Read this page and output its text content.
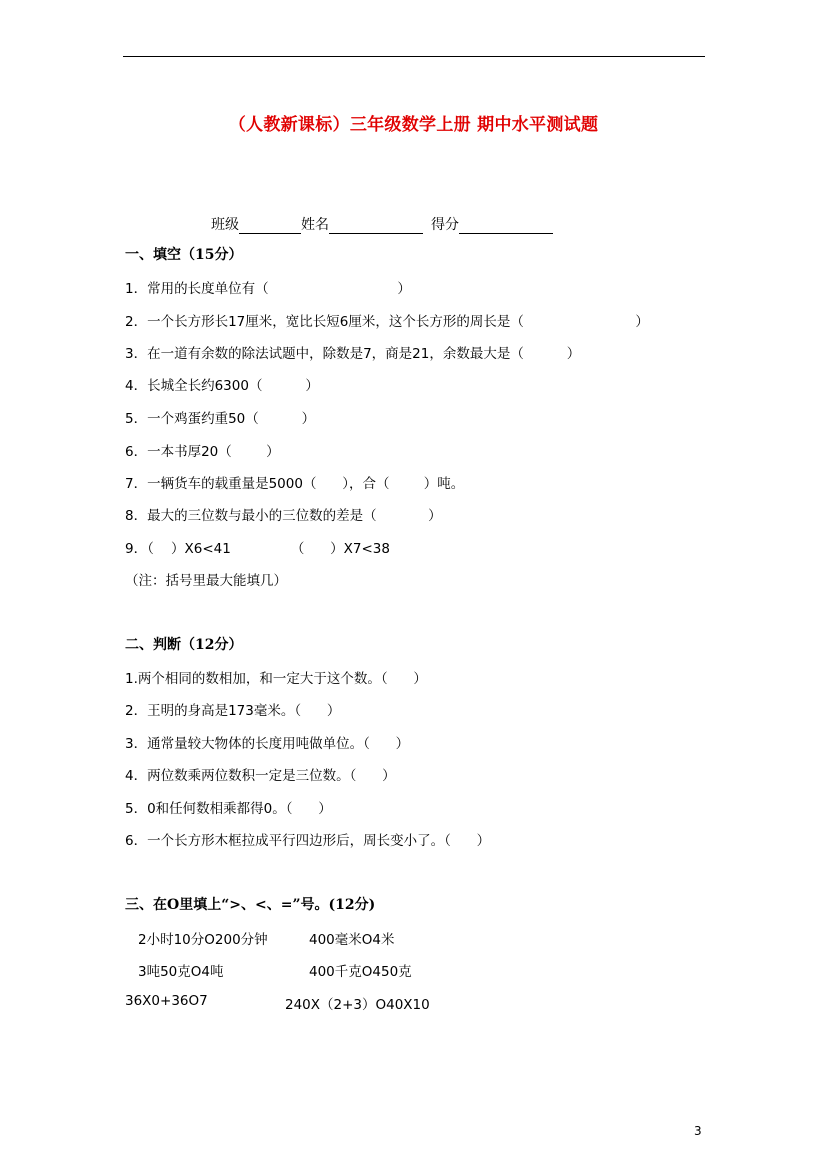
（人教新课标）三年级数学上册 期中水平测试题
班级	姓名	得分
一、填空（15分）
1．常用的长度单位有（                              ）
2．一个长方形长17厘米，宽比长短6厘米，这个长方形的周长是（                          ）
3．在一道有余数的除法试题中，除数是7，商是21，余数最大是（          ）
4．长城全长约6300（          ）
5．一个鸡蛋约重50（          ）
6．一本书厚20（        ）
7．一辆货车的载重量是5000（      ），合（        ）吨。
8．最大的三位数与最小的三位数的差是（            ）
9．（    ）X6<41              （      ）X7<38
（注：括号里最大能填几）
二、判断（12分）
1.两个相同的数相加，和一定大于这个数。（      ）
2．王明的身高是173毫米。（      ）
3．通常量较大物体的长度用吨做单位。（      ）
4．两位数乘两位数积一定是三位数。（      ）
5．0和任何数相乘都得0。（      ）
6．一个长方形木框拉成平行四边形后，周长变小了。（      ）
三、在O里填上“>、<、=”号。(12分)
2小时10分O200分钟	400毫米O4米
3吨50克O4吨	400千克O450克
36X0+36O7	240X（2+3）O40X10
3
